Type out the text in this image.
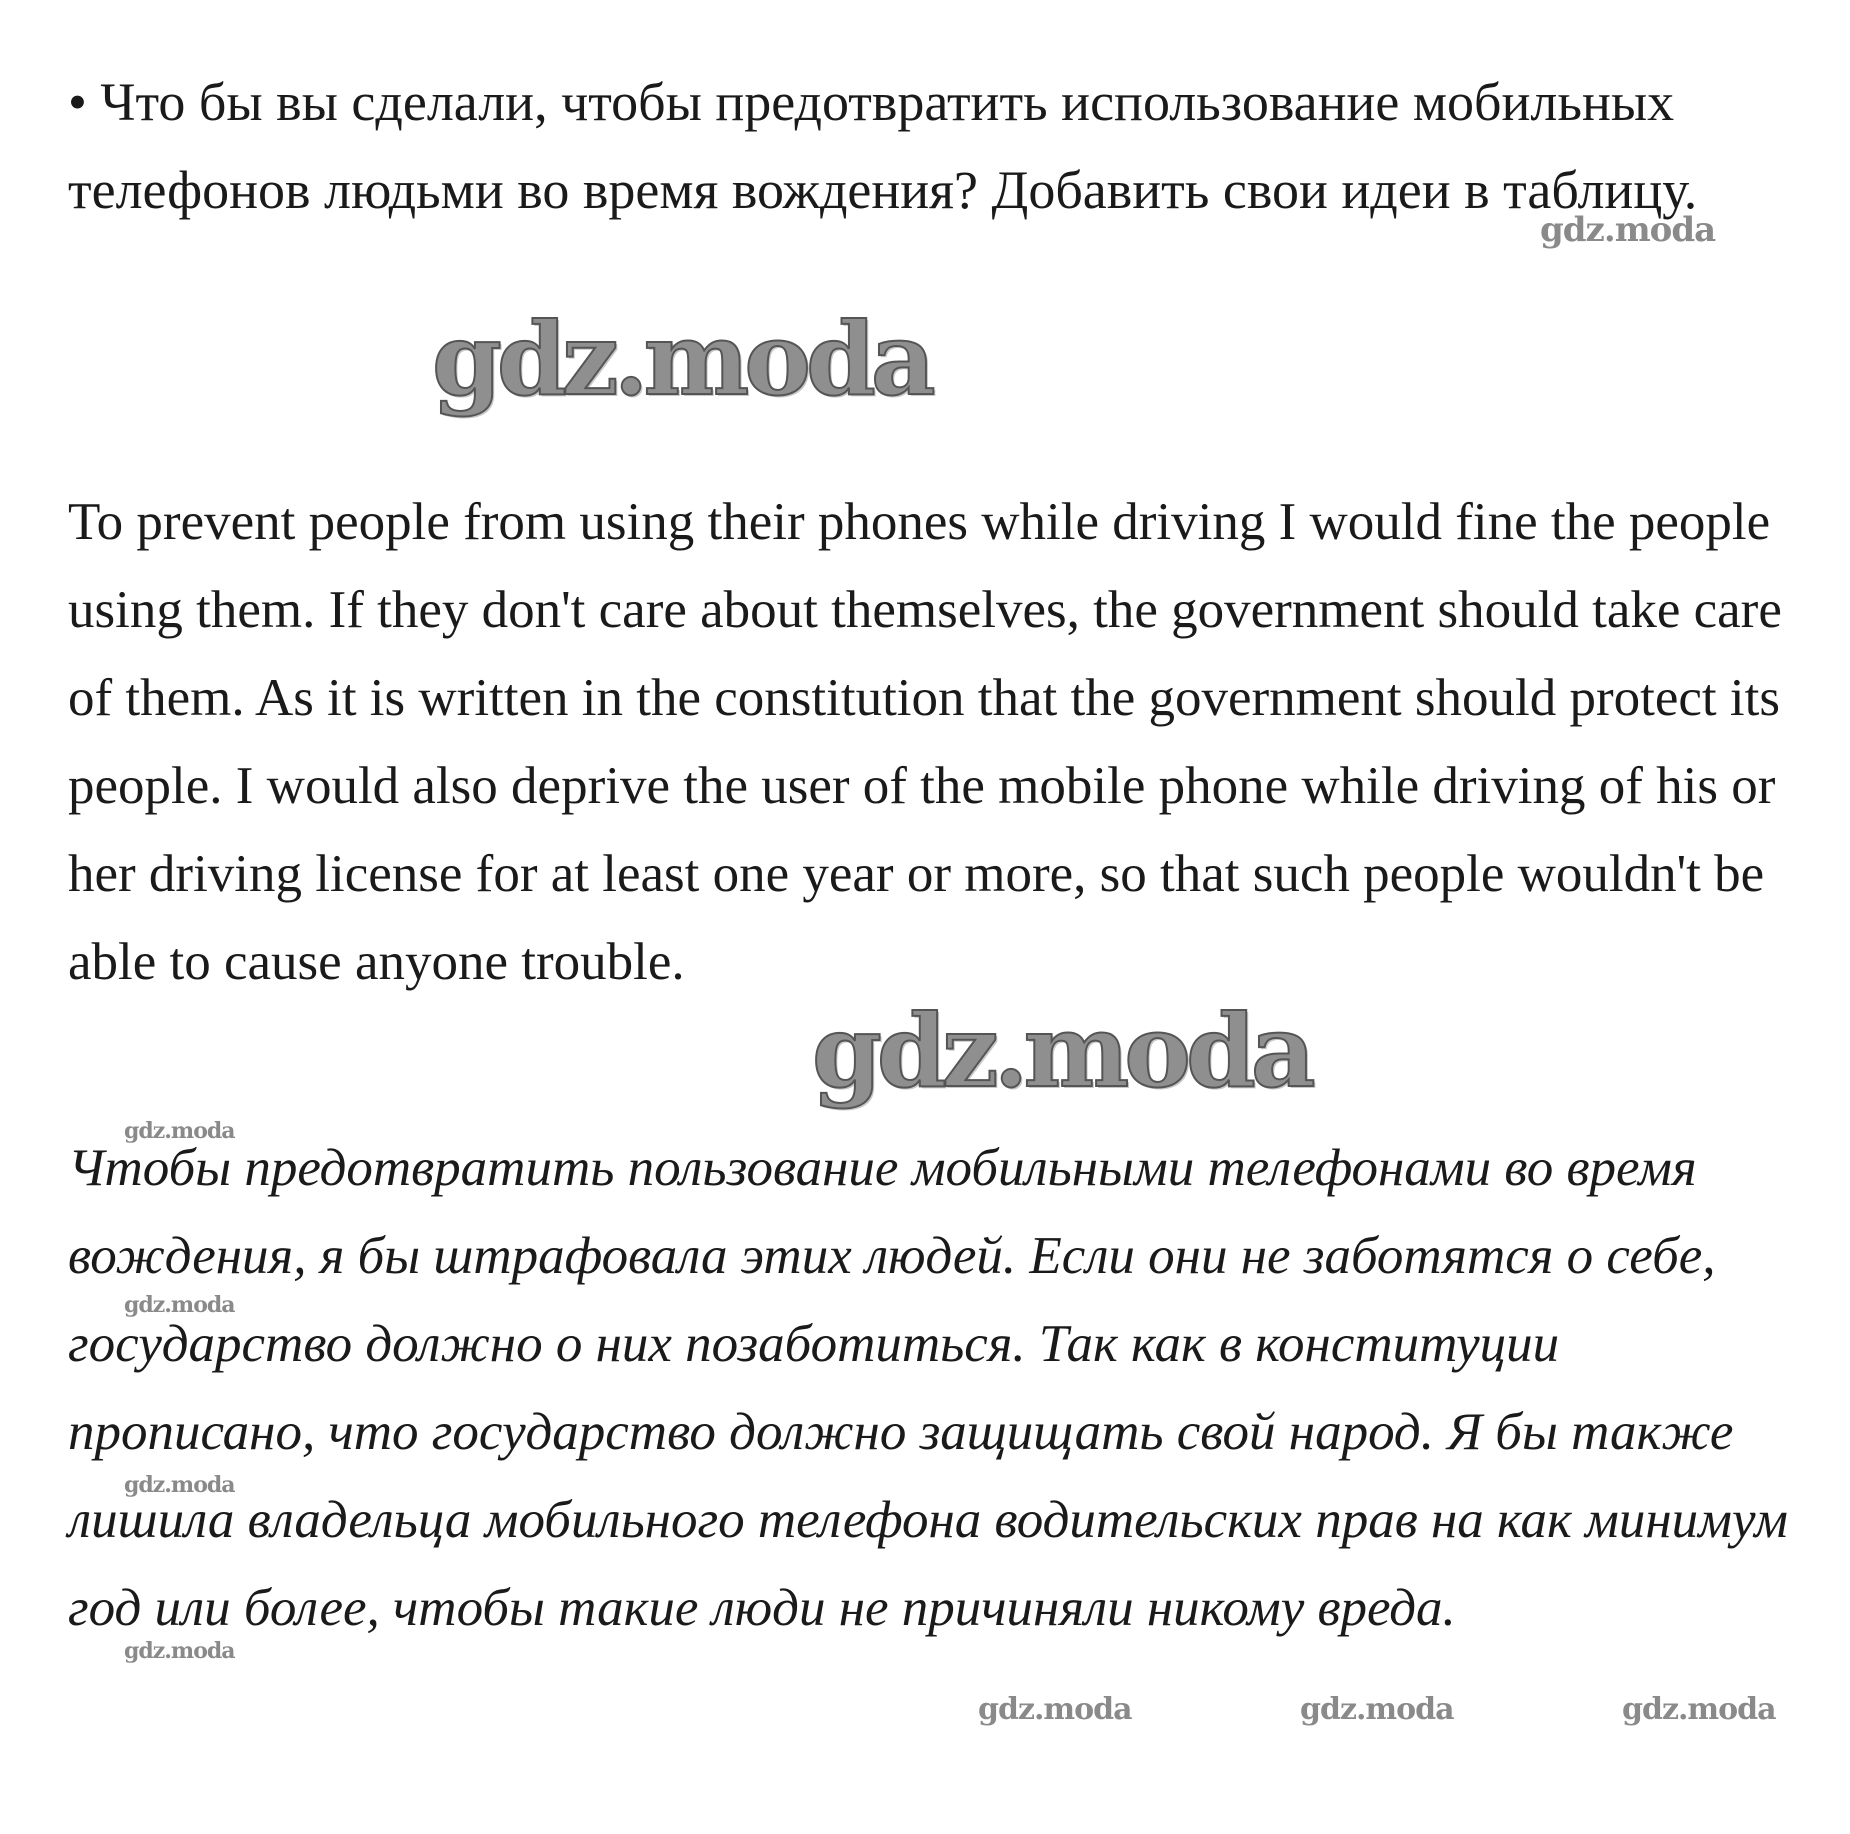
• Что бы вы сделали, чтобы предотвратить использование мобильных телефонов людьми во время вождения? Добавить свои идеи в таблицу.

To prevent people from using their phones while driving I would fine the people using them. If they don't care about themselves, the government should take care of them. As it is written in the constitution that the government should protect its people. I would also deprive the user of the mobile phone while driving of his or her driving license for at least one year or more, so that such people wouldn't be able to cause anyone trouble.

Чтобы предотвратить пользование мобильными телефонами во время вождения, я бы штрафовала этих людей. Если они не заботятся о себе, государство должно о них позаботиться. Так как в конституции прописано, что государство должно защищать свой народ. Я бы также лишила владельца мобильного телефона водительских прав на как минимум год или более, чтобы такие люди не причиняли никому вреда.

gdz.moda
gdz.moda
gdz.moda
gdz.moda
gdz.moda
gdz.moda
gdz.moda
gdz.moda	gdz.moda	gdz.moda
